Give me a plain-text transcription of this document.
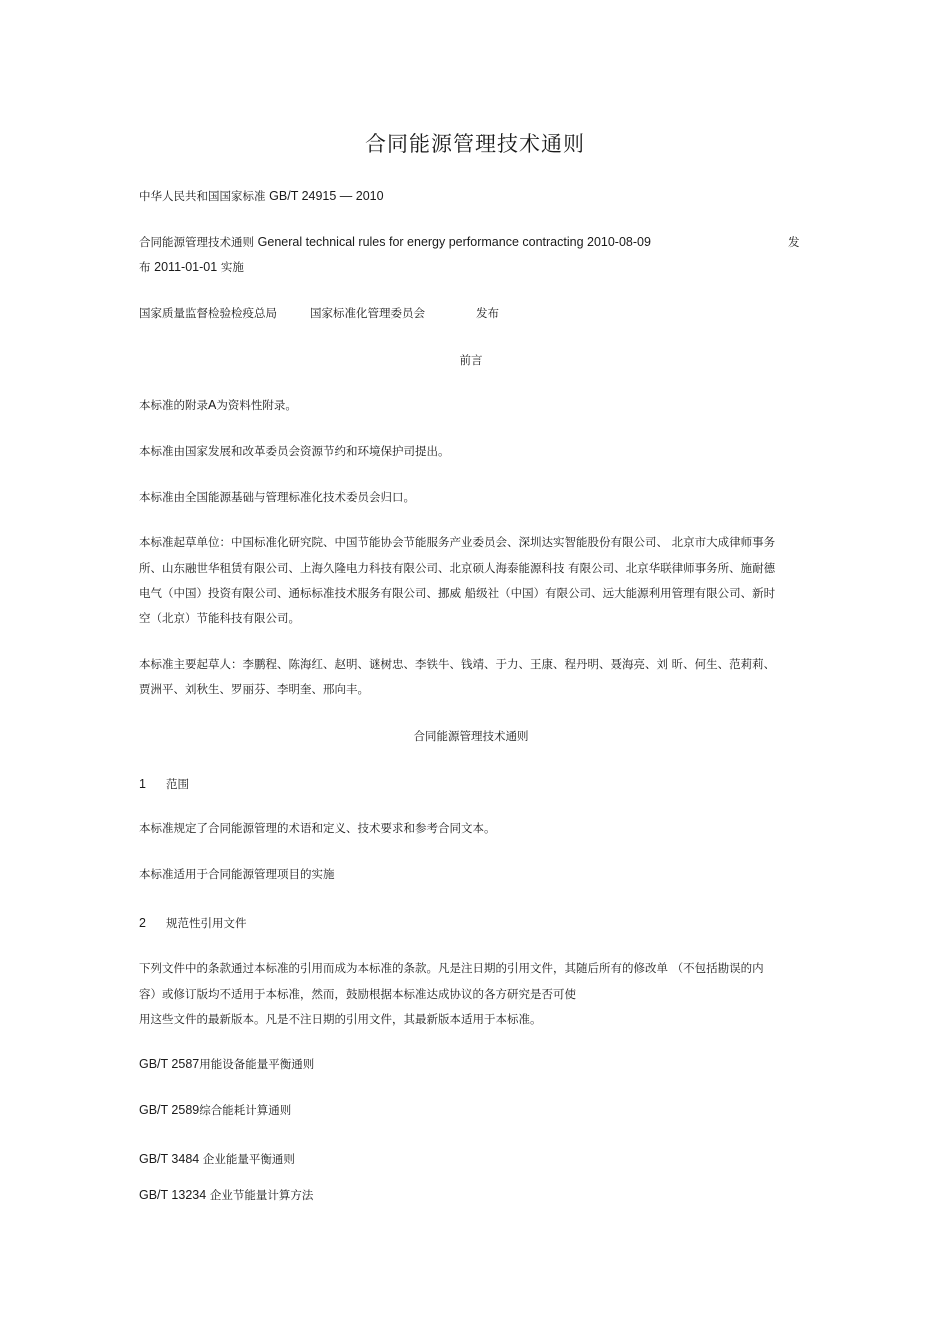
合同能源管理技术通则
中华人民共和国国家标准 GB/T 24915 — 2010
合同能源管理技术通则 General technical rules for energy performance contracting 2010-08-09	发
布 2011-01-01 实施
国家质量监督检验检疫总局	国家标准化管理委员会	发布
前言
本标准的附录A为资料性附录。
本标准由国家发展和改革委员会资源节约和环境保护司提出。
本标准由全国能源基础与管理标准化技术委员会归口。
本标准起草单位：中国标准化研究院、中国节能协会节能服务产业委员会、深圳达实智能股份有限公司、 北京市大成律师事务
所、山东融世华租赁有限公司、上海久隆电力科技有限公司、北京硕人海泰能源科技 有限公司、北京华联律师事务所、施耐德
电气（中国）投资有限公司、通标标准技术服务有限公司、挪威 船级社（中国）有限公司、远大能源利用管理有限公司、新时
空（北京）节能科技有限公司。
本标准主要起草人：李鹏程、陈海红、赵明、谜树忠、李铁牛、钱靖、于力、王康、程丹明、聂海亮、刘 昕、何生、范莉莉、
贾洲平、刘秋生、罗丽芬、李明奎、邢向丰。
合同能源管理技术通则
1 范围
本标准规定了合同能源管理的术语和定义、技术要求和参考合同文本。
本标准适用于合同能源管理项目的实施
2 规范性引用文件
下列文件中的条款通过本标准的引用而成为本标准的条款。凡是注日期的引用文件，其随后所有的修改单 （不包括勘误的内
容）或修订版均不适用于本标准，然而，鼓励根据本标准达成协议的各方研究是否可使
用这些文件的最新版本。凡是不注日期的引用文件，其最新版本适用于本标准。
GB/T 2587用能设备能量平衡通则
GB/T 2589综合能耗计算通则
GB/T 3484 企业能量平衡通则
GB/T 13234 企业节能量计算方法
